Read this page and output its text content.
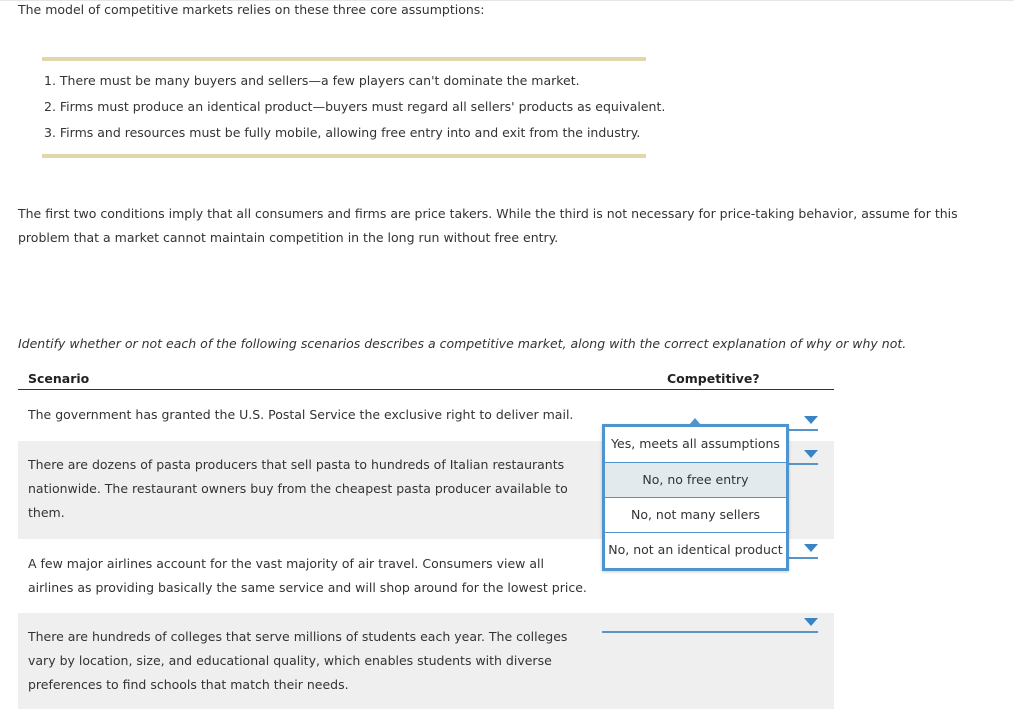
The model of competitive markets relies on these three core assumptions:

1. There must be many buyers and sellers—a few players can't dominate the market.
2. Firms must produce an identical product—buyers must regard all sellers' products as equivalent.
3. Firms and resources must be fully mobile, allowing free entry into and exit from the industry.

The first two conditions imply that all consumers and firms are price takers. While the third is not necessary for price-taking behavior, assume for this problem that a market cannot maintain competition in the long run without free entry.

Identify whether or not each of the following scenarios describes a competitive market, along with the correct explanation of why or why not.

Scenario	Competitive?

The government has granted the U.S. Postal Service the exclusive right to deliver mail.

There are dozens of pasta producers that sell pasta to hundreds of Italian restaurants nationwide. The restaurant owners buy from the cheapest pasta producer available to them.

A few major airlines account for the vast majority of air travel. Consumers view all airlines as providing basically the same service and will shop around for the lowest price.

There are hundreds of colleges that serve millions of students each year. The colleges vary by location, size, and educational quality, which enables students with diverse preferences to find schools that match their needs.

Yes, meets all assumptions
No, no free entry
No, not many sellers
No, not an identical product
